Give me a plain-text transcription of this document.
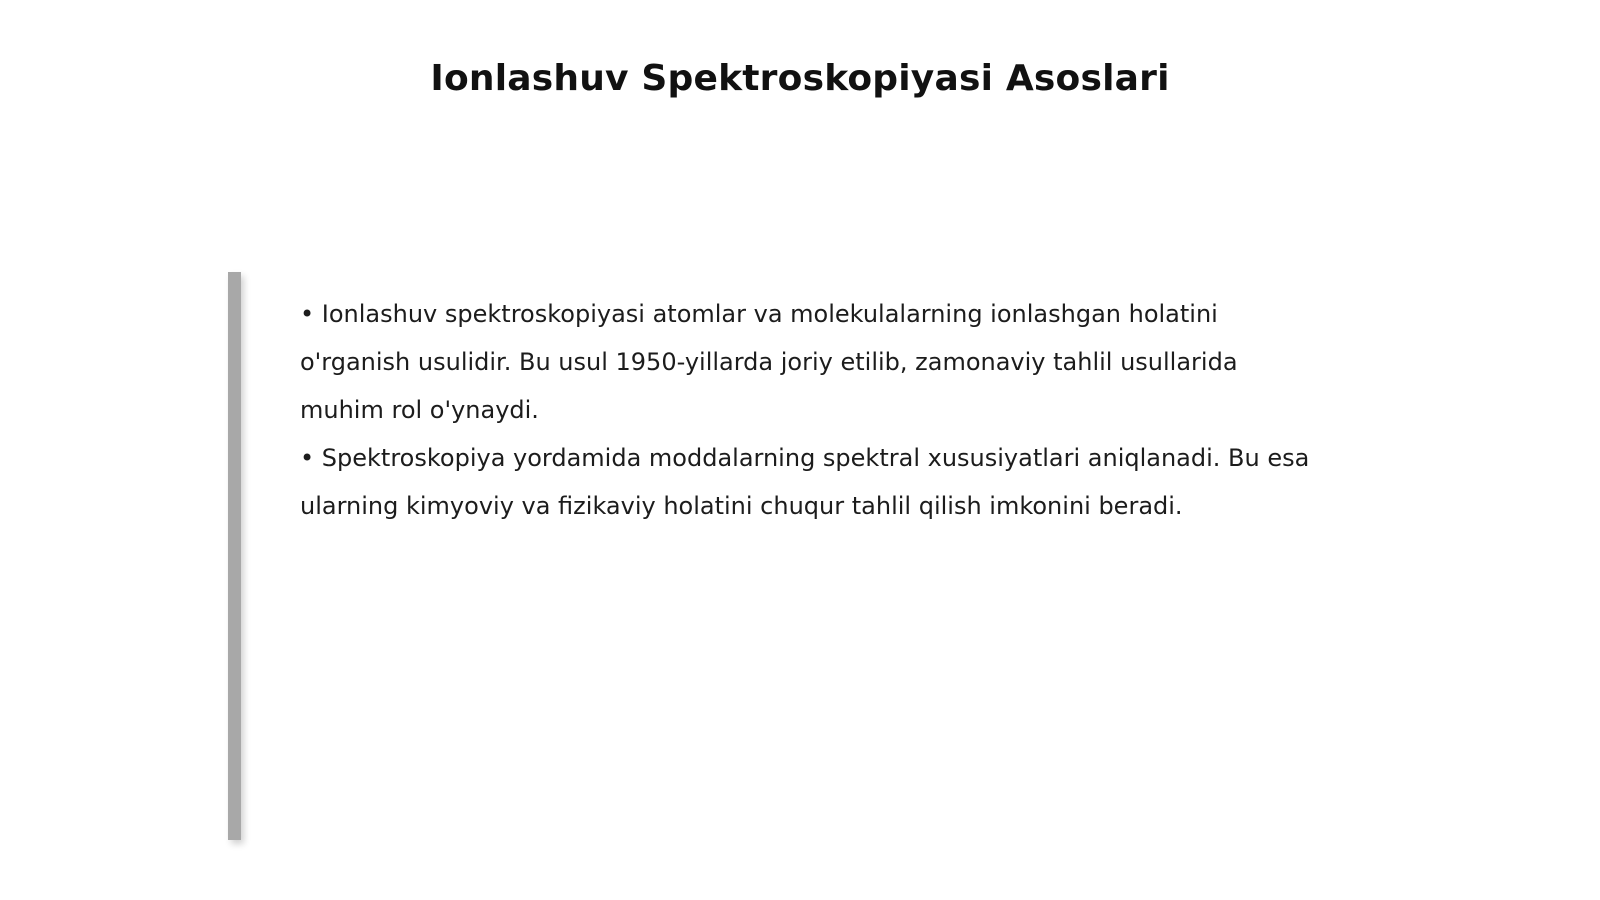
Ionlashuv Spektroskopiyasi Asoslari

• Ionlashuv spektroskopiyasi atomlar va molekulalarning ionlashgan holatini o'rganish usulidir. Bu usul 1950-yillarda joriy etilib, zamonaviy tahlil usullarida muhim rol o'ynaydi.

• Spektroskopiya yordamida moddalarning spektral xususiyatlari aniqlanadi. Bu esa ularning kimyoviy va fizikaviy holatini chuqur tahlil qilish imkonini beradi.
